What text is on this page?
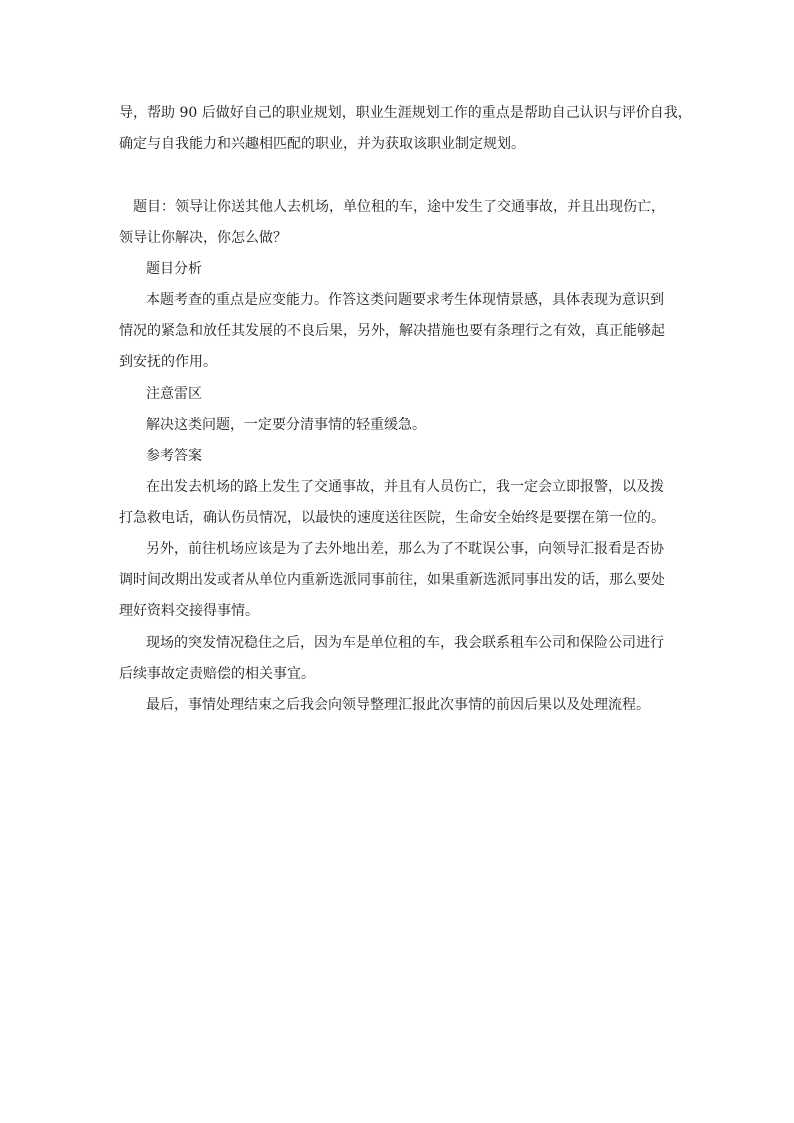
导，帮助 90 后做好自己的职业规划，职业生涯规划工作的重点是帮助自己认识与评价自我，

确定与自我能力和兴趣相匹配的职业，并为获取该职业制定规划。

题目：领导让你送其他人去机场，单位租的车，途中发生了交通事故，并且出现伤亡，

领导让你解决，你怎么做？

题目分析

本题考查的重点是应变能力。作答这类问题要求考生体现情景感，具体表现为意识到

情况的紧急和放任其发展的不良后果，另外，解决措施也要有条理行之有效，真正能够起

到安抚的作用。

注意雷区

解决这类问题，一定要分清事情的轻重缓急。

参考答案

在出发去机场的路上发生了交通事故，并且有人员伤亡，我一定会立即报警，以及拨

打急救电话，确认伤员情况，以最快的速度送往医院，生命安全始终是要摆在第一位的。

另外，前往机场应该是为了去外地出差，那么为了不耽误公事，向领导汇报看是否协

调时间改期出发或者从单位内重新选派同事前往，如果重新选派同事出发的话，那么要处

理好资料交接得事情。

现场的突发情况稳住之后，因为车是单位租的车，我会联系租车公司和保险公司进行

后续事故定责赔偿的相关事宜。

最后，事情处理结束之后我会向领导整理汇报此次事情的前因后果以及处理流程。
